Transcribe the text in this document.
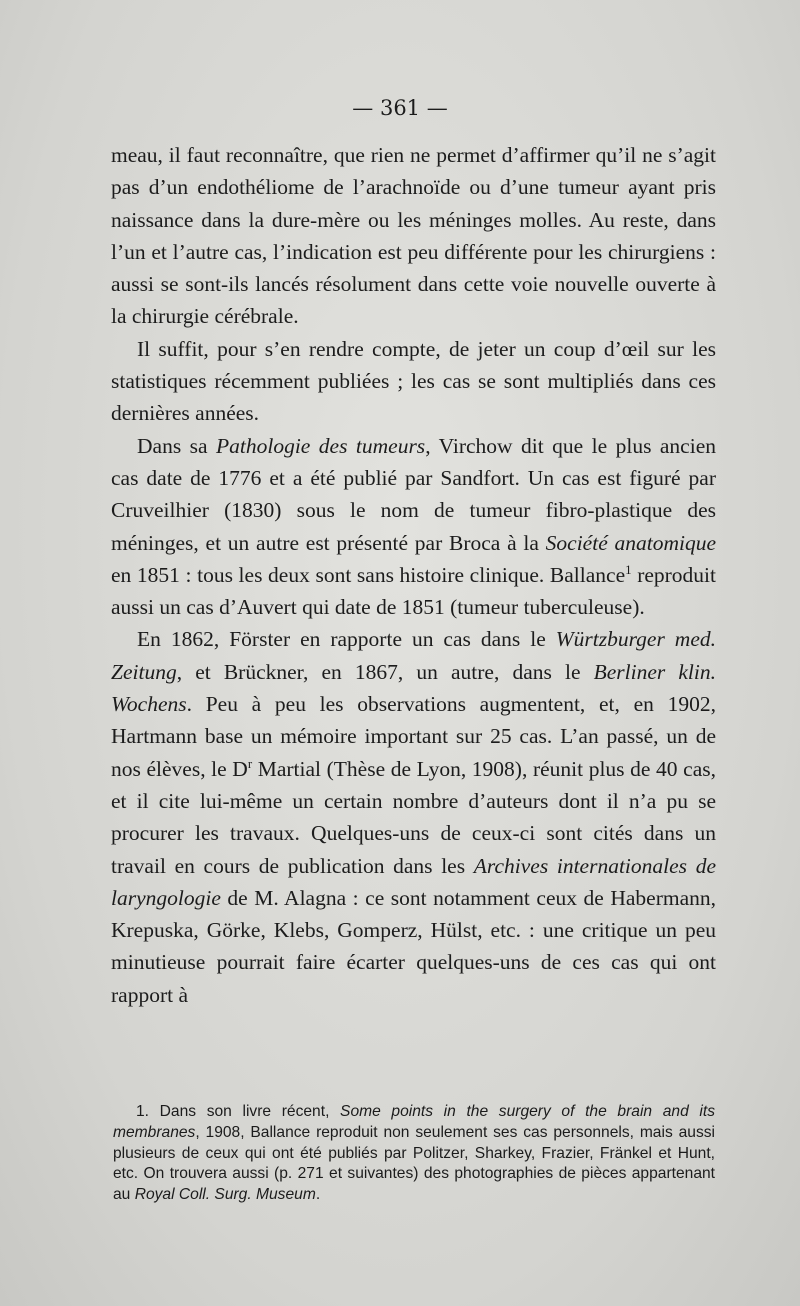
— 361 —

meau, il faut reconnaître, que rien ne permet d’affirmer qu’il ne s’agit pas d’un endothéliome de l’arachnoïde ou d’une tumeur ayant pris naissance dans la dure-mère ou les méninges molles. Au reste, dans l’un et l’autre cas, l’indication est peu différente pour les chirurgiens : aussi se sont-ils lancés résolument dans cette voie nouvelle ouverte à la chirurgie cérébrale.

Il suffit, pour s’en rendre compte, de jeter un coup d’œil sur les statistiques récemment publiées ; les cas se sont multipliés dans ces dernières années.

Dans sa Pathologie des tumeurs, Virchow dit que le plus ancien cas date de 1776 et a été publié par Sandfort. Un cas est figuré par Cruveilhier (1830) sous le nom de tumeur fibro-plastique des méninges, et un autre est présenté par Broca à la Société anatomique en 1851 : tous les deux sont sans histoire clinique. Ballance$^1$ reproduit aussi un cas d’Auvert qui date de 1851 (tumeur tuberculeuse).

En 1862, Förster en rapporte un cas dans le Würtzburger med. Zeitung, et Brückner, en 1867, un autre, dans le Berliner klin. Wochens. Peu à peu les observations augmentent, et, en 1902, Hartmann base un mémoire important sur 25 cas. L’an passé, un de nos élèves, le $D^r$ Martial (Thèse de Lyon, 1908), réunit plus de 40 cas, et il cite lui-même un certain nombre d’auteurs dont il n’a pu se procurer les travaux. Quelques-uns de ceux-ci sont cités dans un travail en cours de publication dans les Archives internationales de laryngologie de M. Alagna : ce sont notamment ceux de Habermann, Krepuska, Görke, Klebs, Gomperz, Hülst, etc. : une critique un peu minutieuse pourrait faire écarter quelques-uns de ces cas qui ont rapport à

1. Dans son livre récent, Some points in the surgery of the brain and its membranes, 1908, Ballance reproduit non seulement ses cas personnels, mais aussi plusieurs de ceux qui ont été publiés par Politzer, Sharkey, Frazier, Fränkel et Hunt, etc. On trouvera aussi (p. 271 et suivantes) des photographies de pièces appartenant au Royal Coll. Surg. Museum.
